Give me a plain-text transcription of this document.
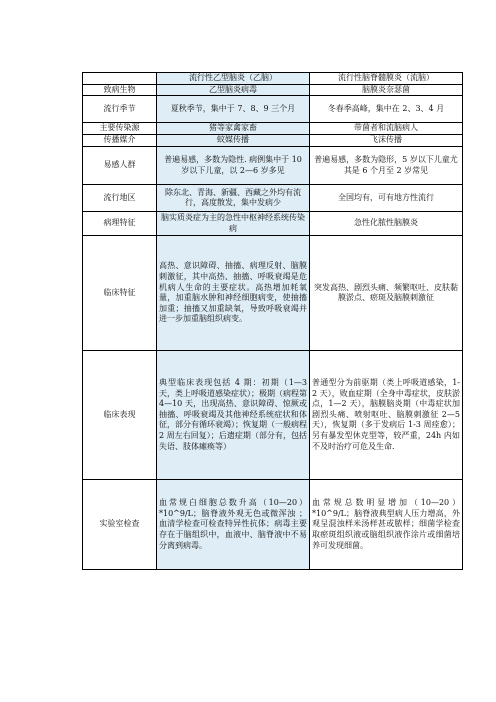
	流行性乙型脑炎（乙脑）	流行性脑脊髓膜炎（流脑）
致病生物	乙型脑炎病毒	脑膜炎奈瑟菌
流行季节	夏秋季节，集中于 7、8、9 三个月	冬春季高峰，集中在 2、3、4 月
主要传染源	猪等家禽家畜	带菌者和流脑病人
传播媒介	蚊媒传播	飞沫传播
易感人群	普遍易感，多数为隐性. 病例集中于 10 岁以下儿童，以 2—6 岁多见	普遍易感，多数为隐形，5 岁以下儿童尤其是 6 个月至 2 岁常见
流行地区	除东北、青海、新疆、西藏之外均有流行，高度散发，集中发病少	全国均有，可有地方性流行
病理特征	脑实质炎症为主的急性中枢神经系统传染病	急性化脓性脑膜炎
临床特征	高热、意识障碍、抽搐、病理反射、脑膜刺激征，其中高热、抽搐、呼吸衰竭是危机病人生命的主要症状。高热增加耗氧量，加重脑水肿和神经细胞病变，使抽搐加重；抽搐又加重缺氧，导致呼吸衰竭并进一步加重脑组织病变。	突发高热、剧烈头痛、频繁呕吐、皮肤黏膜淤点、瘀斑及脑膜刺激征
临床表现	典型临床表现包括 4 期：初期（1—3 天，类上呼吸道感染症状）；极期（病程第 4—10 天，出现高热、意识障碍、惊厥或抽搐、呼吸衰竭及其他神经系统症状和体征，部分有循环衰竭）；恢复期（一般病程 2 周左右回复）；后遗症期（部分有，包括失语、肢体瘫痪等）	普通型分为前驱期（类上呼吸道感染，1-2 天），败血症期（全身中毒症状，皮肤淤点，1—2 天），脑膜脑炎期（中毒症状加剧烈头痛、喷射呕吐、脑膜刺激征 2—5 天），恢复期（多于发病后 1-3 周痊愈）；另有暴发型休克型等，较严重，24h 内如不及时治疗可危及生命.
实验室检查	血常规白细胞总数升高（10—20）*10^9/L；脑脊液外观无色或微浑浊 ；血清学检查可检查特异性抗体；病毒主要存在于脑组织中，血液中、脑脊液中不易分离到病毒。	血常规总数明显增加（10—20）*10^9/L；脑脊液典型病人压力增高，外观呈混浊样米汤样甚或脓样；细菌学检查取瘀斑组织液或脑组织液作涂片或细菌培养可发现细菌。
